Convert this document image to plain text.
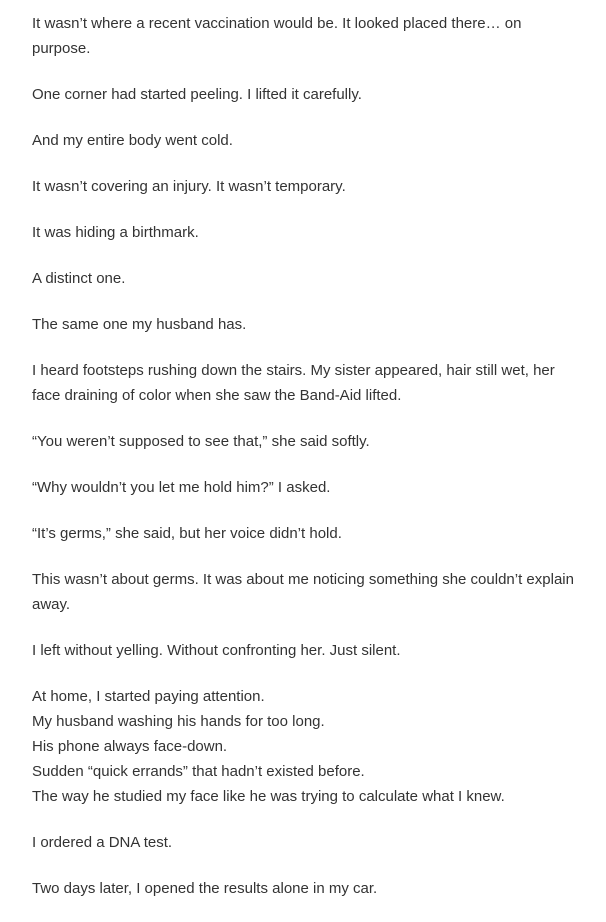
It wasn’t where a recent vaccination would be. It looked placed there… on purpose.

One corner had started peeling. I lifted it carefully.

And my entire body went cold.

It wasn’t covering an injury. It wasn’t temporary.

It was hiding a birthmark.

A distinct one.

The same one my husband has.

I heard footsteps rushing down the stairs. My sister appeared, hair still wet, her face draining of color when she saw the Band-Aid lifted.

“You weren’t supposed to see that,” she said softly.

“Why wouldn’t you let me hold him?” I asked.

“It’s germs,” she said, but her voice didn’t hold.

This wasn’t about germs. It was about me noticing something she couldn’t explain away.

I left without yelling. Without confronting her. Just silent.

At home, I started paying attention.
My husband washing his hands for too long.
His phone always face-down.
Sudden “quick errands” that hadn’t existed before.
The way he studied my face like he was trying to calculate what I knew.

I ordered a DNA test.

Two days later, I opened the results alone in my car.
